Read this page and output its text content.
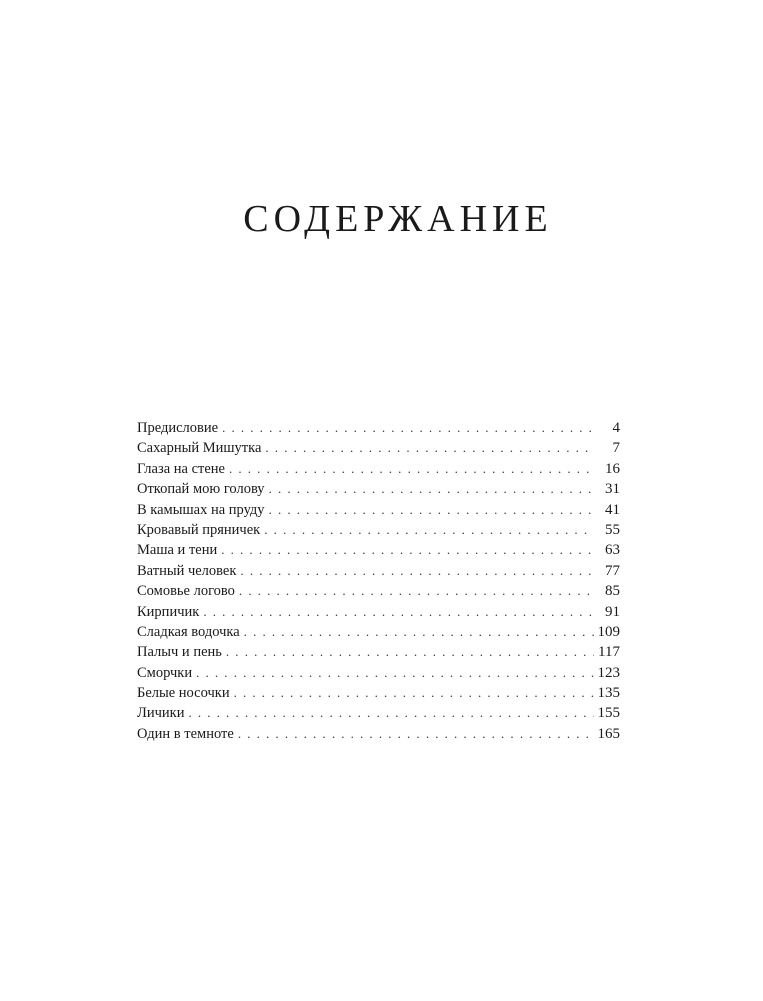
СОДЕРЖАНИЕ
Предисловие . . .	4
Сахарный Мишутка . . .	7
Глаза на стене . . .	16
Откопай мою голову . . .	31
В камышах на пруду . . .	41
Кровавый пряничек . . .	55
Маша и тени . . .	63
Ватный человек . . .	77
Сомовье логово . . .	85
Кирпичик . . .	91
Сладкая водочка . . .	109
Палыч и пень . . .	117
Сморчки . . .	123
Белые носочки . . .	135
Личики . . .	155
Один в темноте . . .	165
